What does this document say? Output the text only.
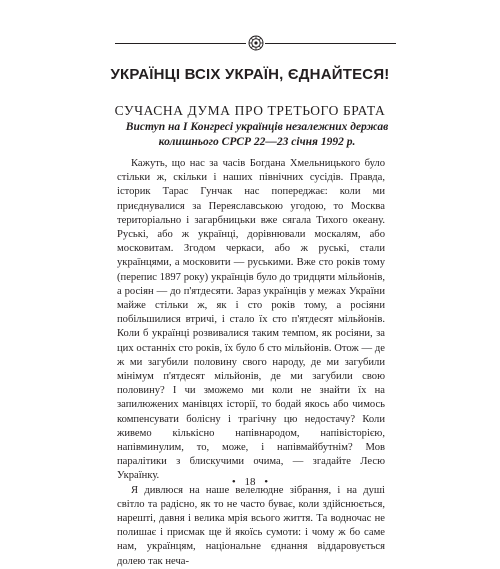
УКРАЇНЦІ ВСІХ УКРАЇН, ЄДНАЙТЕСЯ!
СУЧАСНА ДУМА ПРО ТРЕТЬОГО БРАТА
Виступ на І Конгресі українців незалежних держав
колишнього СРСР 22—23 січня 1992 р.

Кажуть, що нас за часів Богдана Хмельницького було стільки ж, скільки і наших північних сусідів. Правда, історик Тарас Гунчак нас попереджає: коли ми приєднувалися за Переяславською угодою, то Москва територіально і загарбницьки вже сягала Тихого океану. Руські, або ж українці, дорівнювали москалям, або московитам. Згодом черкаси, або ж руські, стали українцями, а московити — руськими. Вже сто років тому (перепис 1897 року) українців було до тридцяти мільйонів, а росіян — до п'ятдесяти. Зараз українців у межах України майже стільки ж, як і сто років тому, а росіяни побільшилися втричі, і стало їх сто п'ятдесят мільйонів. Коли б українці розвивалися таким темпом, як росіяни, за цих останніх сто років, їх було б сто мільйонів. Отож — де ж ми загубили половину свого народу, де ми загубили мінімум п'ятдесят мільйонів, де ми загубили свою половину? І чи зможемо ми коли не знайти їх на запилюжених манівцях історії, то бодай якось або чимось компенсувати болісну і трагічну цю недостачу? Коли живемо кількісно напівнародом, напівісторією, напівминулим, то, може, і напівмайбутнім? Мов паралітики з блискучими очима, — згадайте Лесю Українку.

Я дивлюся на наше велелюдне зібрання, і на душі світло та радісно, як то не часто буває, коли здійснюється, нарешті, давня і велика мрія всього життя. Та водночас не полишає і присмак ще й якоїсь сумоти: і чому ж бо саме нам, українцям, національне єднання віддаровується долею так неча-

• 18 •
